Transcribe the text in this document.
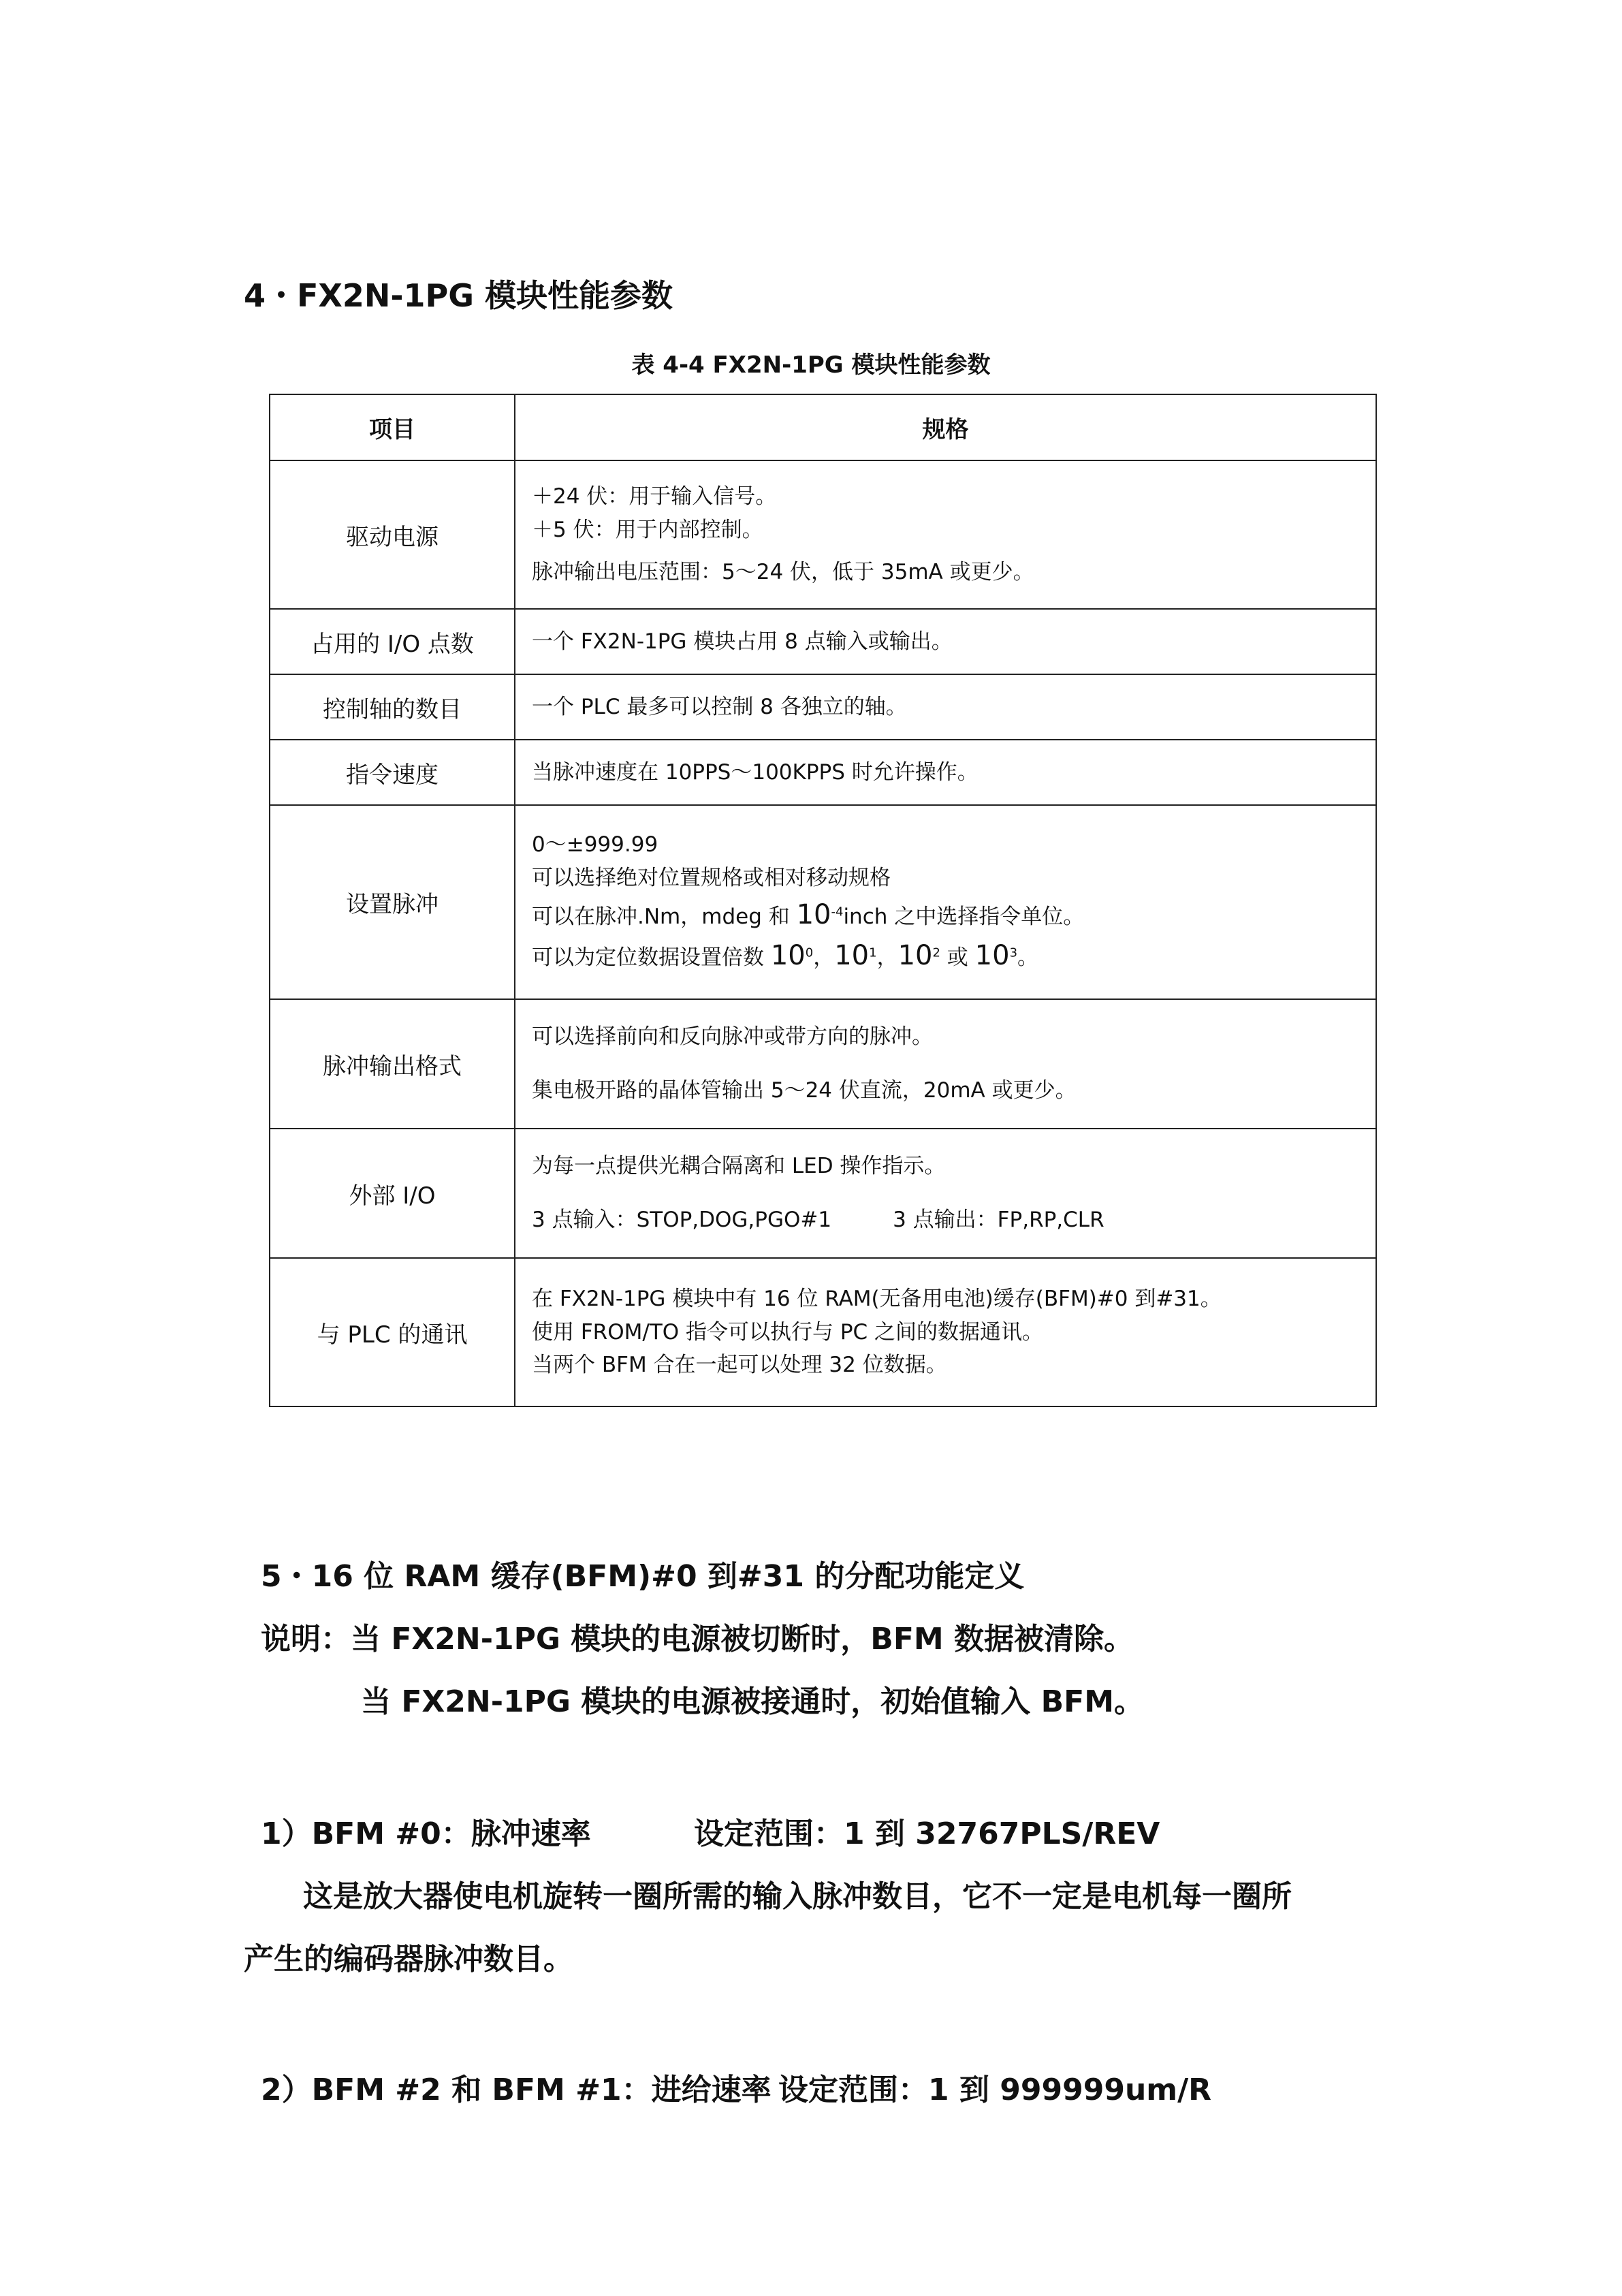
4・FX2N-1PG 模块性能参数
表 4-4 FX2N-1PG 模块性能参数
项目	规格
驱动电源	＋24 伏：用于输入信号。
＋5 伏：用于内部控制。
脉冲输出电压范围：5～24 伏，低于 35mA 或更少。

占用的 I/O 点数	一个 FX2N-1PG 模块占用 8 点输入或输出。

控制轴的数目	一个 PLC 最多可以控制 8 各独立的轴。

指令速度	当脉冲速度在 10PPS～100KPPS 时允许操作。

设置脉冲	0～±999.99
可以选择绝对位置规格或相对移动规格
可以在脉冲.Nm，mdeg 和 $10^{-4}inch$ 之中选择指令单位。
可以为定位数据设置倍数 $10^0$，$10^1$，$10^2$ 或 $10^3$。

脉冲输出格式	可以选择前向和反向脉冲或带方向的脉冲。
集电极开路的晶体管输出 5～24 伏直流，20mA 或更少。

外部 I/O	为每一点提供光耦合隔离和 LED 操作指示。
3 点输入：STOP,DOG,PGO#1 3 点输出：FP,RP,CLR

与 PLC 的通讯	在 FX2N-1PG 模块中有 16 位 RAM(无备用电池)缓存(BFM)#0 到#31。
使用 FROM/TO 指令可以执行与 PC 之间的数据通讯。
当两个 BFM 合在一起可以处理 32 位数据。
5・16 位 RAM 缓存(BFM)#0 到#31 的分配功能定义
说明：当 FX2N-1PG 模块的电源被切断时，BFM 数据被清除。
当 FX2N-1PG 模块的电源被接通时，初始值输入 BFM。
1）BFM #0：脉冲速率	设定范围：1 到 32767PLS/REV
这是放大器使电机旋转一圈所需的输入脉冲数目，它不一定是电机每一圈所
产生的编码器脉冲数目。
2）BFM #2 和 BFM #1：进给速率 设定范围：1 到 999999um/R
